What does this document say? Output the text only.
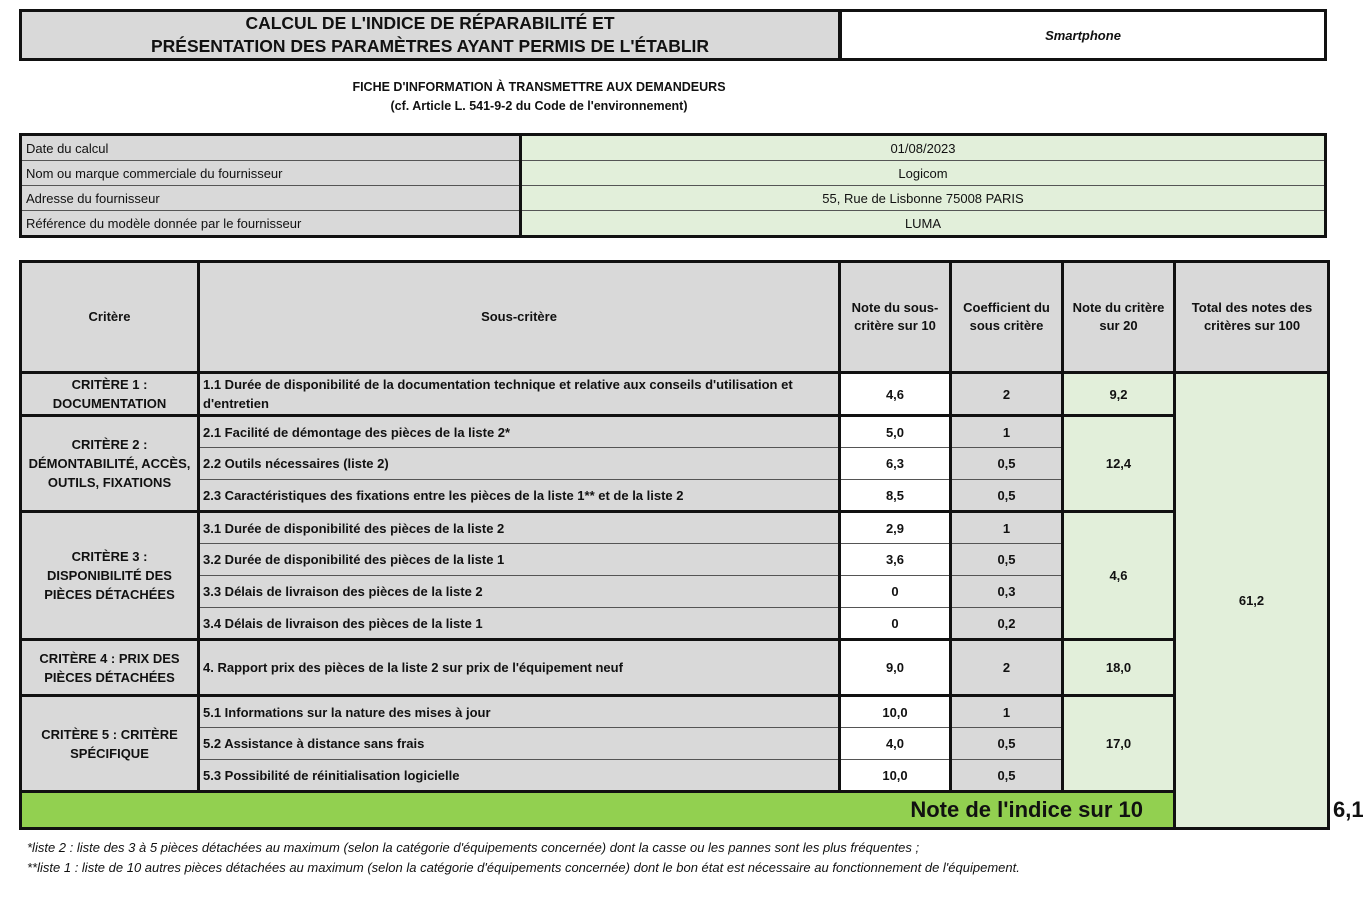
CALCUL DE L'INDICE DE RÉPARABILITÉ ET
PRÉSENTATION DES PARAMÈTRES AYANT PERMIS DE L'ÉTABLIR
Smartphone
FICHE D'INFORMATION À TRANSMETTRE AUX DEMANDEURS
(cf. Article L. 541-9-2 du Code de l'environnement)
Date du calcul	01/08/2023
Nom ou marque commerciale du fournisseur	Logicom
Adresse du fournisseur	55, Rue de Lisbonne 75008 PARIS
Référence du modèle donnée par le fournisseur	LUMA
Critère	Sous-critère	Note du sous-critère sur 10	Coefficient du sous critère	Note du critère sur 20	Total des notes des critères sur 100	
CRITÈRE 1 : DOCUMENTATION	1.1 Durée de disponibilité de la documentation technique et relative aux conseils d'utilisation et d'entretien	4,6	2	9,2	61,2	
CRITÈRE 2 : DÉMONTABILITÉ, ACCÈS, OUTILS, FIXATIONS	2.1 Facilité de démontage des pièces de la liste 2*	5,0	1	12,4		
	2.2 Outils nécessaires (liste 2)	6,3	0,5			
	2.3 Caractéristiques des fixations entre les pièces de la liste 1** et de la liste 2	8,5	0,5			
CRITÈRE 3 : DISPONIBILITÉ DES PIÈCES DÉTACHÉES	3.1 Durée de disponibilité des pièces de la liste 2	2,9	1	4,6		
	3.2 Durée de disponibilité des pièces de la liste 1	3,6	0,5			
	3.3 Délais de livraison des pièces de la liste 2	0	0,3			
	3.4 Délais de livraison des pièces de la liste 1	0	0,2			
CRITÈRE 4 : PRIX DES PIÈCES DÉTACHÉES	4. Rapport prix des pièces de la liste 2 sur prix de l'équipement neuf	9,0	2	18,0		
CRITÈRE 5 : CRITÈRE SPÉCIFIQUE	5.1 Informations sur la nature des mises à jour	10,0	1	17,0		
	5.2 Assistance à distance sans frais	4,0	0,5			
	5.3 Possibilité de réinitialisation logicielle	10,0	0,5			
Note de l'indice sur 10						6,1
*liste 2 : liste des 3 à 5 pièces détachées au maximum (selon la catégorie d'équipements concernée) dont la casse ou les pannes sont les plus fréquentes ;
**liste 1 : liste de 10 autres pièces détachées au maximum (selon la catégorie d'équipements concernée) dont le bon état est nécessaire au fonctionnement de l'équipement.
